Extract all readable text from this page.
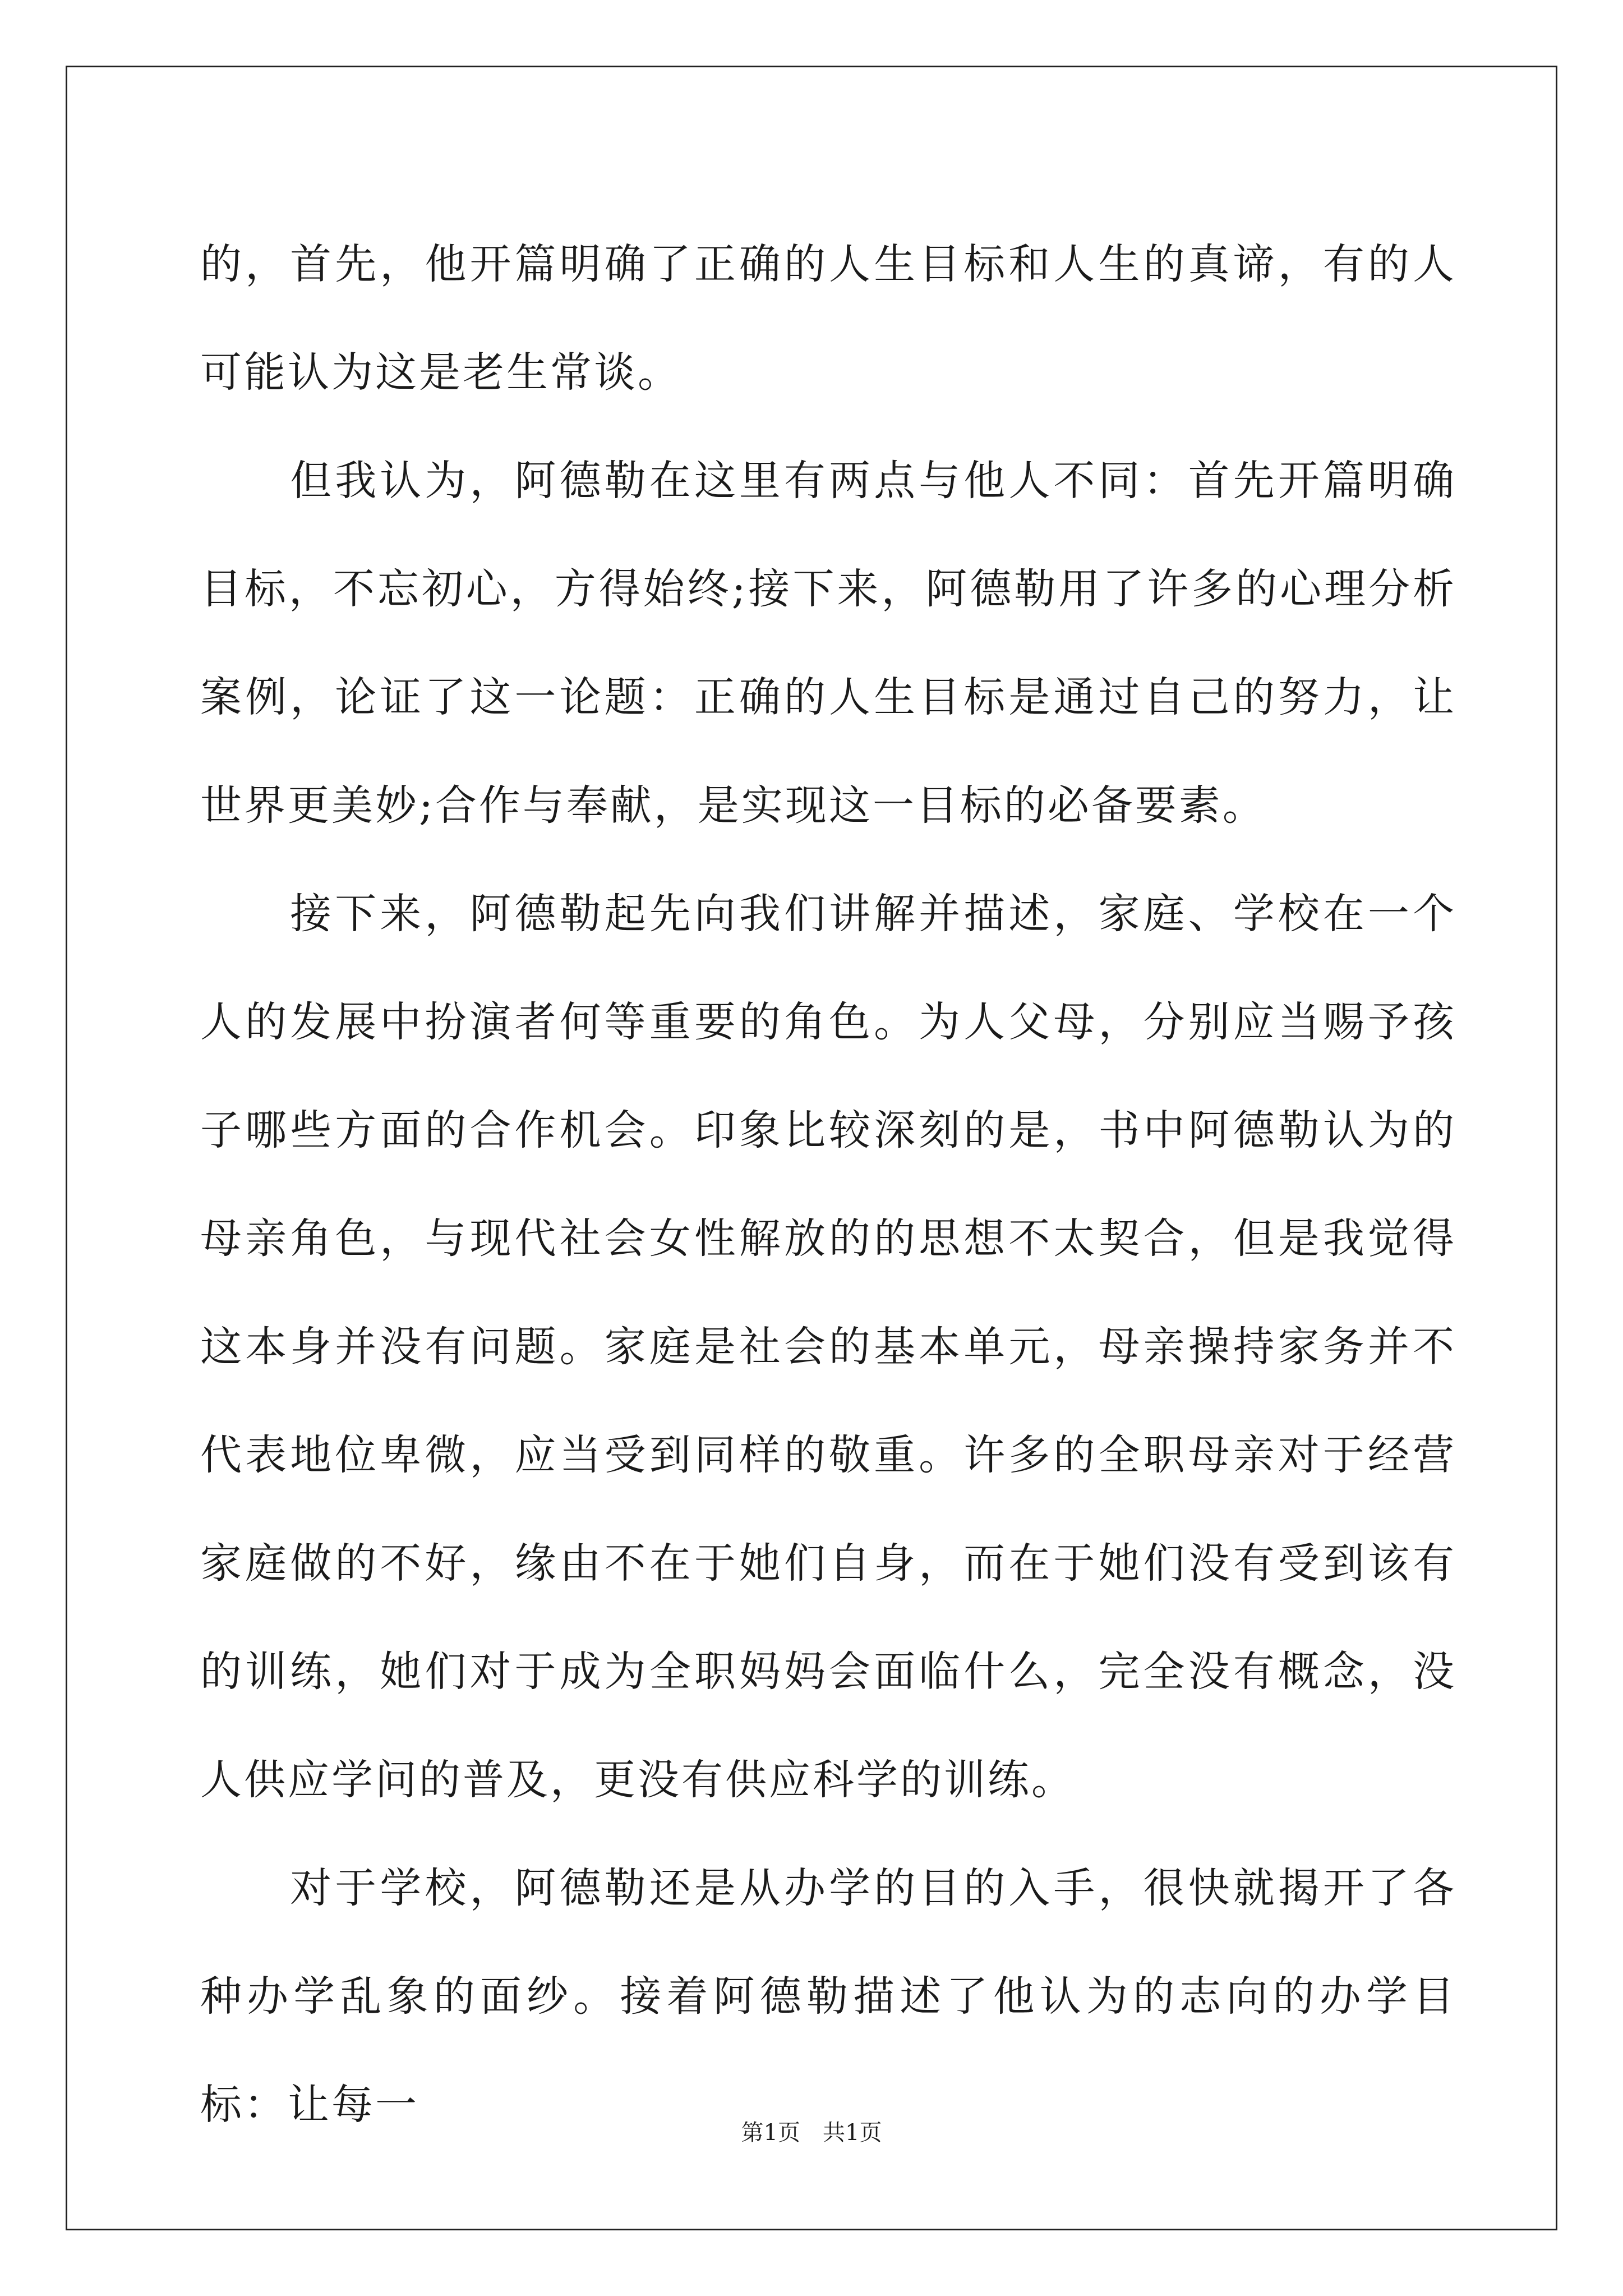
的，首先，他开篇明确了正确的人生目标和人生的真谛，有的人可能认为这是老生常谈。

　　但我认为，阿德勒在这里有两点与他人不同：首先开篇明确目标，不忘初心，方得始终;接下来，阿德勒用了许多的心理分析案例，论证了这一论题：正确的人生目标是通过自己的努力，让世界更美妙;合作与奉献，是实现这一目标的必备要素。

　　接下来，阿德勒起先向我们讲解并描述，家庭、学校在一个人的发展中扮演者何等重要的角色。为人父母，分别应当赐予孩子哪些方面的合作机会。印象比较深刻的是，书中阿德勒认为的母亲角色，与现代社会女性解放的的思想不太契合，但是我觉得这本身并没有问题。家庭是社会的基本单元，母亲操持家务并不代表地位卑微，应当受到同样的敬重。许多的全职母亲对于经营家庭做的不好，缘由不在于她们自身，而在于她们没有受到该有的训练，她们对于成为全职妈妈会面临什么，完全没有概念，没人供应学问的普及，更没有供应科学的训练。

　　对于学校，阿德勒还是从办学的目的入手，很快就揭开了各种办学乱象的面纱。接着阿德勒描述了他认为的志向的办学目标：让每一

第1页　共1页
